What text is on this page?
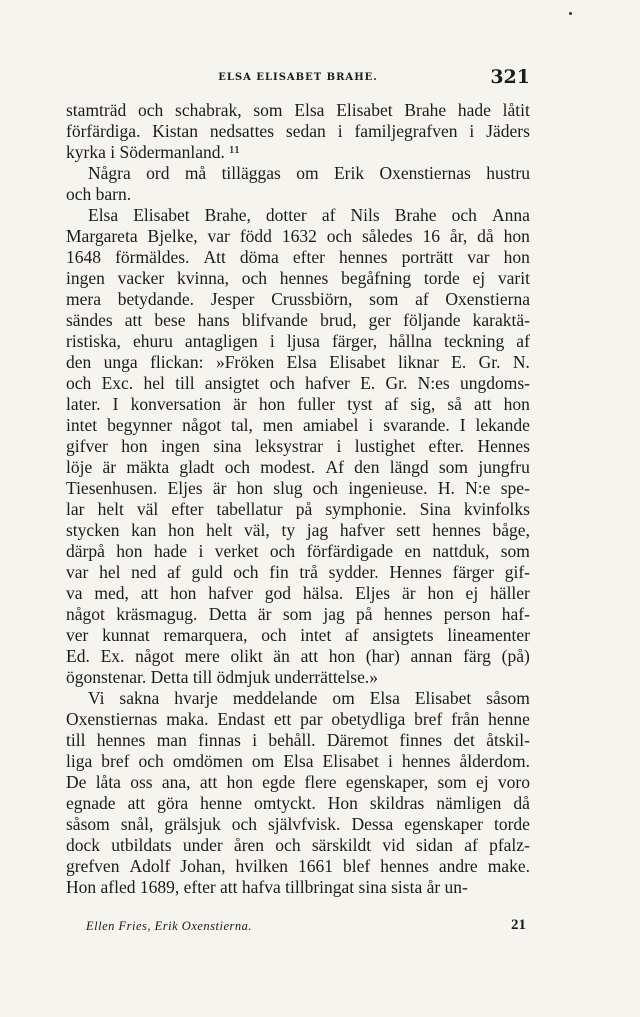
ELSA ELISABET BRAHE.	321
stamträd och schabrak, som Elsa Elisabet Brahe hade låtit
förfärdiga. Kistan nedsattes sedan i familjegrafven i Jäders
kyrka i Södermanland. ¹¹
Några ord må tilläggas om Erik Oxenstiernas hustru
och barn.
Elsa Elisabet Brahe, dotter af Nils Brahe och Anna
Margareta Bjelke, var född 1632 och således 16 år, då hon
1648 förmäldes. Att döma efter hennes porträtt var hon
ingen vacker kvinna, och hennes begåfning torde ej varit
mera betydande. Jesper Crussbiörn, som af Oxenstierna
sändes att bese hans blifvande brud, ger följande karaktä-
ristiska, ehuru antagligen i ljusa färger, hållna teckning af
den unga flickan: »Fröken Elsa Elisabet liknar E. Gr. N.
och Exc. hel till ansigtet och hafver E. Gr. N:es ungdoms-
later. I konversation är hon fuller tyst af sig, så att hon
intet begynner något tal, men amiabel i svarande. I lekande
gifver hon ingen sina leksystrar i lustighet efter. Hennes
löje är mäkta gladt och modest. Af den längd som jungfru
Tiesenhusen. Eljes är hon slug och ingenieuse. H. N:e spe-
lar helt väl efter tabellatur på symphonie. Sina kvinfolks
stycken kan hon helt väl, ty jag hafver sett hennes båge,
därpå hon hade i verket och förfärdigade en nattduk, som
var hel ned af guld och fin trå sydder. Hennes färger gif-
va med, att hon hafver god hälsa. Eljes är hon ej häller
något kräsmagug. Detta är som jag på hennes person haf-
ver kunnat remarquera, och intet af ansigtets lineamenter
Ed. Ex. något mere olikt än att hon (har) annan färg (på)
ögonstenar. Detta till ödmjuk underrättelse.»
Vi sakna hvarje meddelande om Elsa Elisabet såsom
Oxenstiernas maka. Endast ett par obetydliga bref från henne
till hennes man finnas i behåll. Däremot finnes det åtskil-
liga bref och omdömen om Elsa Elisabet i hennes ålderdom.
De låta oss ana, att hon egde flere egenskaper, som ej voro
egnade att göra henne omtyckt. Hon skildras nämligen då
såsom snål, grälsjuk och självfvisk. Dessa egenskaper torde
dock utbildats under åren och särskildt vid sidan af pfalz-
grefven Adolf Johan, hvilken 1661 blef hennes andre make.
Hon afled 1689, efter att hafva tillbringat sina sista år un-
Ellen Fries, Erik Oxenstierna.	21
